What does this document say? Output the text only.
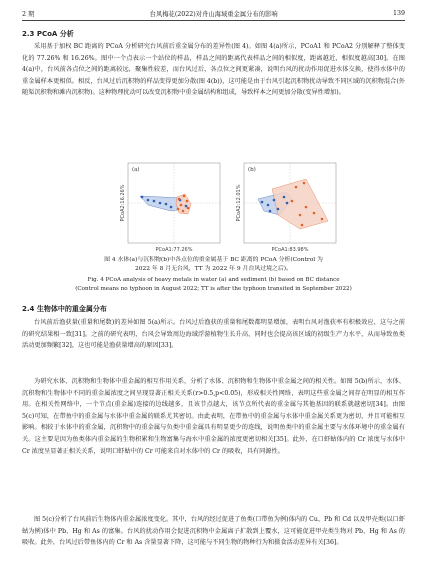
2 期	台风梅花(2022)对舟山海域重金属分布的影响	139
2.3 PCoA 分析

采用基于加权 BC 距离的 PCoA 分析研究台风前后重金属分布的差异性(图 4)。如图 4(a)所示，PCoA1 和 PCoA2 分别解释了整体变化的 77.26% 和 16.26%。图中一个点表示一个站位的样品，样品之间的距离代表样品之间的相似度，距离越近，相似度越高[30]。在图 4(a)中，台风前各点位之间的距离较远，聚集性较差，而台风过后，各点位之间更紧凑，说明台风的扰动作用促进水体交换，使得水体中的重金属样本更相似。相反，台风过后沉积物的样品变得更加分散(图 4(b))，这可能是由于台风引起沉积物扰动导致不同区域的沉积物混合(外随渠沉积物和滩内沉积物)。这种物理扰动可以改变沉积物中重金属结构和组成，导致样本之间更加分散(变异性增加)。

(a)
PCoA1:77.26%
PCoA2:16.26%
(b)
PCoA1:83.98%
PCoA2:12.01%

图 4 水体(a)与沉积物(b)中各点位的重金属基于 BC 距离的 PCoA 分析(Control 为

2022 年 8 月无台风，TT 为 2022 年 9 月台风过境之后)。

Fig. 4 PCoA analysis of heavy metals in water (a) and sediment (b) based on BC distance

(Control means no typhoon in August 2022; TT is after the typhoon transited in September 2022)

2.4 生物体中的重金属分布

台风前后渔获量(重量和尾数)的差异如图 5(a)所示。台风过后渔获的重量和尾数都明显增加，表明台风对渔获率有积极效应，这与之前的研究结果相一致[31]。之前的研究表明，台风会导致周边海域浮游植物生长升高，同时也会提高该区域的初级生产力水平，从而导致鱼类活动更加频繁[32]，这也可能是渔获量增高的原因[33]。

为研究水体、沉积物和生物体中重金属的相互作用关系，分析了水体、沉积物和生物体中重金属之间的相关性。如图 5(b)所示，水体、沉积物和生物体中不同的重金属浓度之间呈现显著正相关关系(r>0.5,p<0.05)，形成相关性网络，表明这些重金属之间存在明显的相互作用。在相关性网络中，一个节点(重金属)连接的边线越多，且该节点越大，该节点所代表的重金属与其他基因的联系就越密切[34]。由图 5(c)可知，在带鱼中的重金属与水体中重金属的联系尤其密切。由此表明，在带鱼中的重金属与水体中重金属关系更为密切，并且可能相互影响。相较于水体中的重金属，沉积物中的重金属与负类中重金属具有明显更少的连线，说明鱼类中的重金属主要与水体环境中的重金属有关。这主要是因为鱼类体内重金属的生物积累和生物富集与海水中重金属的浓度更密切相关[35]。此外，在口虾蛄体内的 Cr 浓度与水体中 Cr 浓度呈显著正相关关系，说明口虾蛄中的 Cr 可能来自对水体中的 Cr 的吸收，具有同源性。

图 5(c)分析了台风前后生物体内重金属浓度变化。其中，台风的经过促进了鱼类(口带鱼为例)体内的 Cu、Pb 和 Cd 以及甲壳类(以口虾蛄为例)体中 Pb、Hg 和 As 的富集。台风的扰动作用会促进沉积物中金属离子扩散到上覆水，这可能促进甲壳类生物对 Pb、Hg 和 As 的吸收。此外，台风过后带鱼体内的 Cr 和 As 含量显著下降，这可能与不同生物的物种行为和摄食活动差异有关[36]。
